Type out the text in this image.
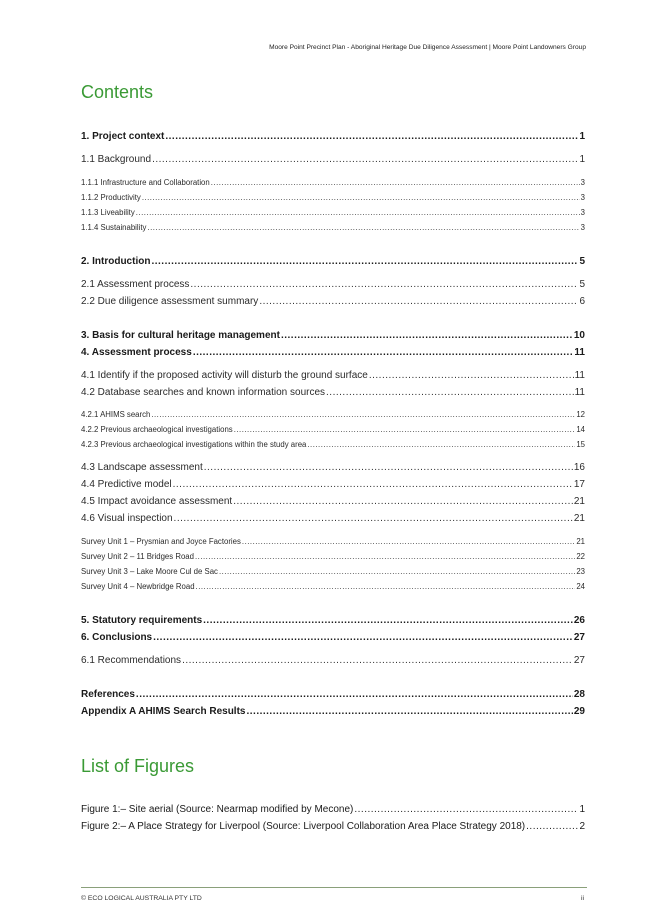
Moore Point Precinct Plan - Aboriginal Heritage Due Diligence Assessment | Moore Point Landowners Group
Contents
1. Project context .....	1
1.1 Background .....	1
1.1.1 Infrastructure and Collaboration .....	3
1.1.2 Productivity .....	3
1.1.3 Liveability .....	3
1.1.4 Sustainability .....	3
2. Introduction .....	5
2.1 Assessment process .....	5
2.2 Due diligence assessment summary .....	6
3. Basis for cultural heritage management .....	10
4. Assessment process .....	11
4.1 Identify if the proposed activity will disturb the ground surface .....	11
4.2 Database searches and known information sources .....	11
4.2.1 AHIMS search .....	12
4.2.2 Previous archaeological investigations .....	14
4.2.3 Previous archaeological investigations within the study area .....	15
4.3 Landscape assessment .....	16
4.4 Predictive model .....	17
4.5 Impact avoidance assessment .....	21
4.6 Visual inspection .....	21
Survey Unit 1 – Prysmian and Joyce Factories .....	21
Survey Unit 2 – 11 Bridges Road .....	22
Survey Unit 3 – Lake Moore Cul de Sac .....	23
Survey Unit 4 – Newbridge Road .....	24
5. Statutory requirements .....	26
6. Conclusions .....	27
6.1 Recommendations .....	27
References .....	28
Appendix A AHIMS Search Results .....	29
List of Figures
Figure 1:– Site aerial (Source: Nearmap modified by Mecone) .....	1
Figure 2:– A Place Strategy for Liverpool (Source: Liverpool Collaboration Area Place Strategy 2018) .....	2
© ECO LOGICAL AUSTRALIA PTY LTD	ii
